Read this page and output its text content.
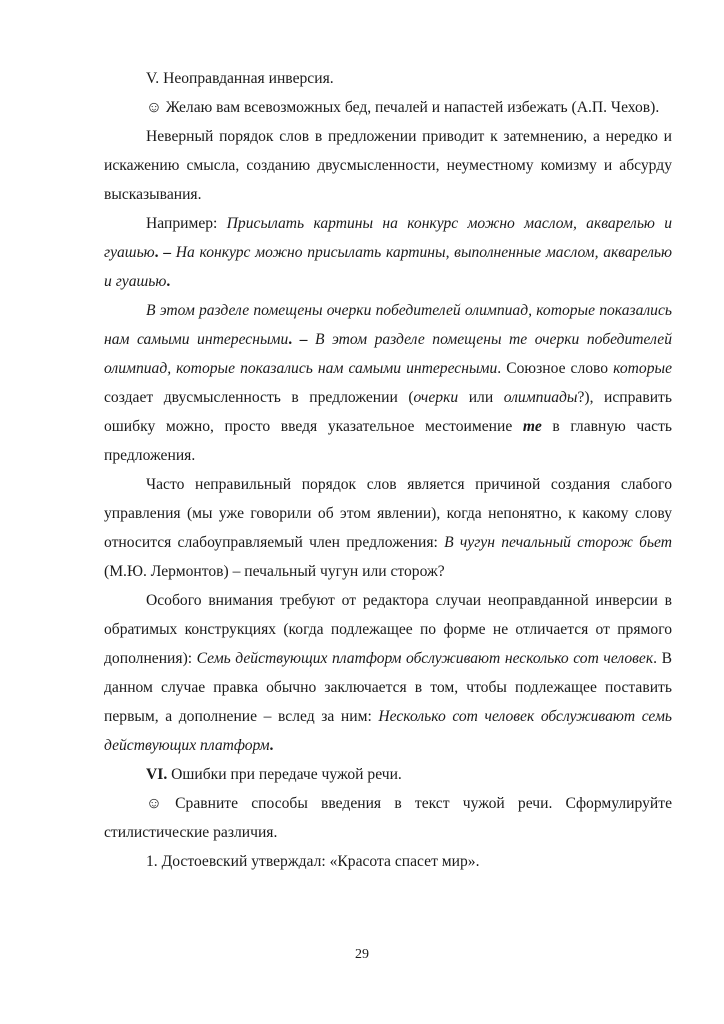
V. Неоправданная инверсия.

☺ Желаю вам всевозможных бед, печалей и напастей избежать (А.П. Чехов).

Неверный порядок слов в предложении приводит к затемнению, а нередко и искажению смысла, созданию двусмысленности, неуместному комизму и абсурду высказывания.

Например: Присылать картины на конкурс можно маслом, акварелью и гуашью. – На конкурс можно присылать картины, выполненные маслом, акварелью и гуашью.

В этом разделе помещены очерки победителей олимпиад, которые показались нам самыми интересными. – В этом разделе помещены те очерки победителей олимпиад, которые показались нам самыми интересными. Союзное слово которые создает двусмысленность в предложении (очерки или олимпиады?), исправить ошибку можно, просто введя указательное местоимение те в главную часть предложения.

Часто неправильный порядок слов является причиной создания слабого управления (мы уже говорили об этом явлении), когда непонятно, к какому слову относится слабоуправляемый член предложения: В чугун печальный сторож бьет (М.Ю. Лермонтов) – печальный чугун или сторож?

Особого внимания требуют от редактора случаи неоправданной инверсии в обратимых конструкциях (когда подлежащее по форме не отличается от прямого дополнения): Семь действующих платформ обслуживают несколько сот человек. В данном случае правка обычно заключается в том, чтобы подлежащее поставить первым, а дополнение – вслед за ним: Несколько сот человек обслуживают семь действующих платформ.

VI. Ошибки при передаче чужой речи.

☺ Сравните способы введения в текст чужой речи. Сформулируйте стилистические различия.

1. Достоевский утверждал: «Красота спасет мир».

29
